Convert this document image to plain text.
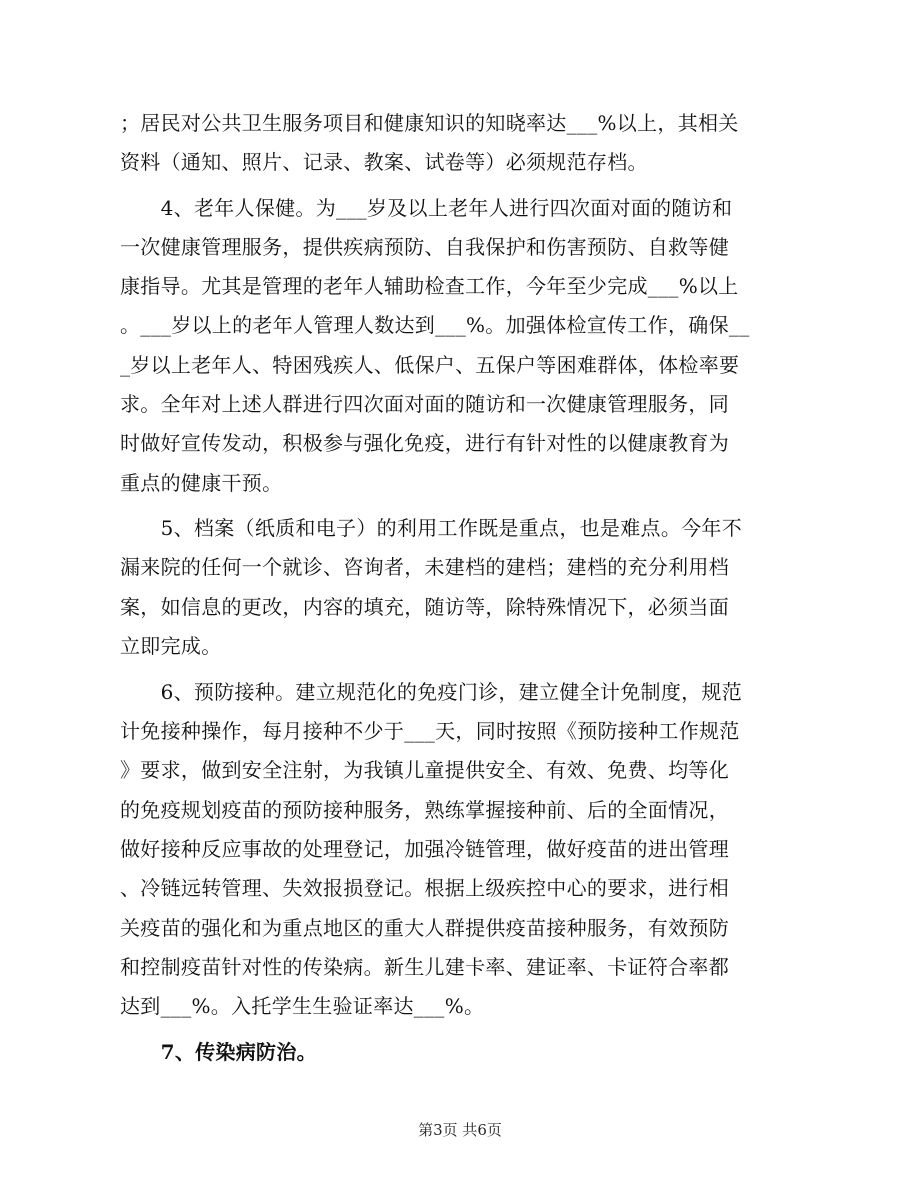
；居民对公共卫生服务项目和健康知识的知晓率达___%以上，其相关
资料（通知、照片、记录、教案、试卷等）必须规范存档。
　　4、老年人保健。为___岁及以上老年人进行四次面对面的随访和
一次健康管理服务，提供疾病预防、自我保护和伤害预防、自救等健
康指导。尤其是管理的老年人辅助检查工作，今年至少完成___%以上
。___岁以上的老年人管理人数达到___%。加强体检宣传工作，确保__
_岁以上老年人、特困残疾人、低保户、五保户等困难群体，体检率要
求。全年对上述人群进行四次面对面的随访和一次健康管理服务，同
时做好宣传发动，积极参与强化免疫，进行有针对性的以健康教育为
重点的健康干预。
　　5、档案（纸质和电子）的利用工作既是重点，也是难点。今年不
漏来院的任何一个就诊、咨询者，未建档的建档；建档的充分利用档
案，如信息的更改，内容的填充，随访等，除特殊情况下，必须当面
立即完成。
　　6、预防接种。建立规范化的免疫门诊，建立健全计免制度，规范
计免接种操作，每月接种不少于___天，同时按照《预防接种工作规范
》要求，做到安全注射，为我镇儿童提供安全、有效、免费、均等化
的免疫规划疫苗的预防接种服务，熟练掌握接种前、后的全面情况，
做好接种反应事故的处理登记，加强冷链管理，做好疫苗的进出管理
、冷链远转管理、失效报损登记。根据上级疾控中心的要求，进行相
关疫苗的强化和为重点地区的重大人群提供疫苗接种服务，有效预防
和控制疫苗针对性的传染病。新生儿建卡率、建证率、卡证符合率都
达到___%。入托学生生验证率达___%。
　　7、传染病防治。
第3页 共6页
